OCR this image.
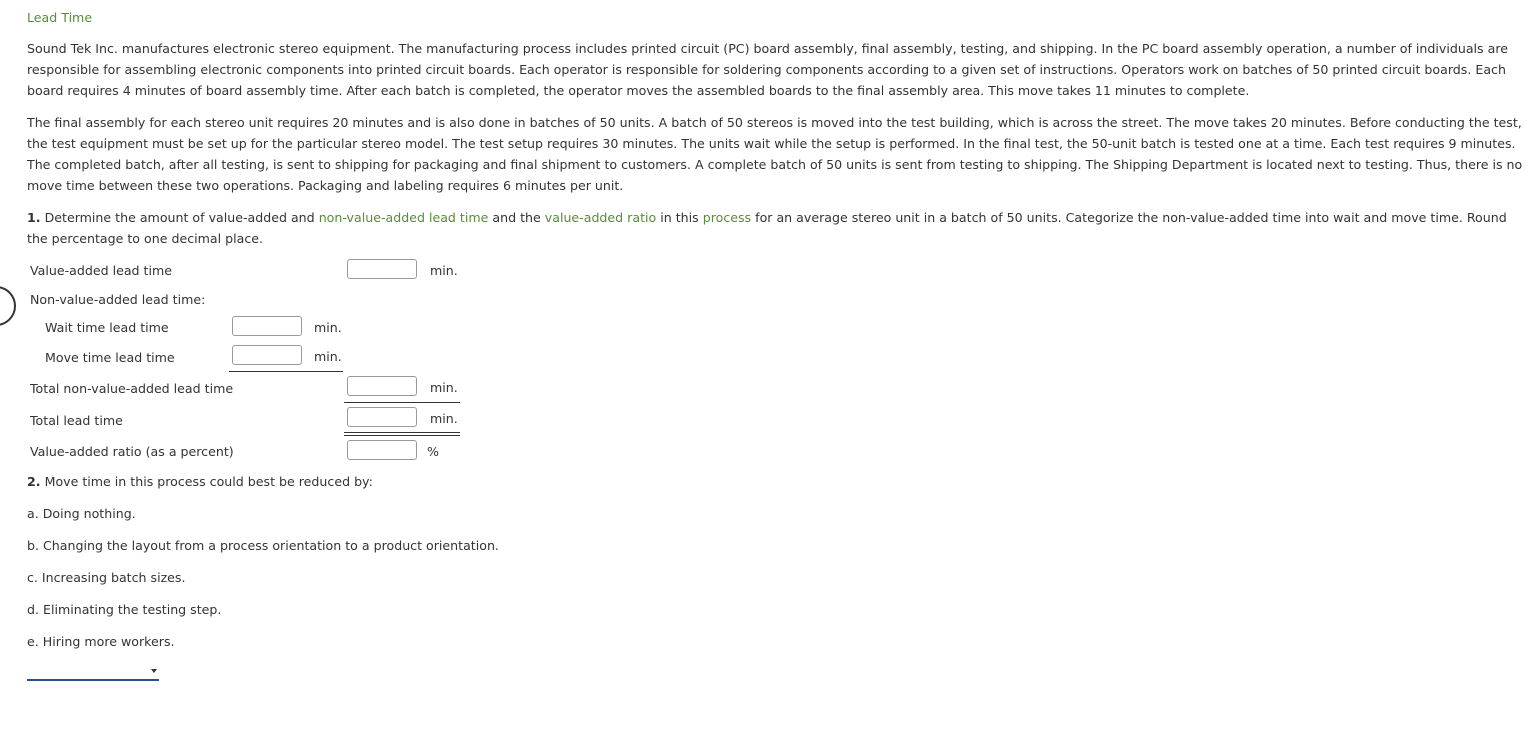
Lead Time
Sound Tek Inc. manufactures electronic stereo equipment. The manufacturing process includes printed circuit (PC) board assembly, final assembly, testing, and shipping. In the PC board assembly operation, a number of individuals are responsible for assembling electronic components into printed circuit boards. Each operator is responsible for soldering components according to a given set of instructions. Operators work on batches of 50 printed circuit boards. Each board requires 4 minutes of board assembly time. After each batch is completed, the operator moves the assembled boards to the final assembly area. This move takes 11 minutes to complete.
The final assembly for each stereo unit requires 20 minutes and is also done in batches of 50 units. A batch of 50 stereos is moved into the test building, which is across the street. The move takes 20 minutes. Before conducting the test, the test equipment must be set up for the particular stereo model. The test setup requires 30 minutes. The units wait while the setup is performed. In the final test, the 50-unit batch is tested one at a time. Each test requires 9 minutes. The completed batch, after all testing, is sent to shipping for packaging and final shipment to customers. A complete batch of 50 units is sent from testing to shipping. The Shipping Department is located next to testing. Thus, there is no move time between these two operations. Packaging and labeling requires 6 minutes per unit.
1. Determine the amount of value-added and non-value-added lead time and the value-added ratio in this process for an average stereo unit in a batch of 50 units. Categorize the non-value-added time into wait and move time. Round the percentage to one decimal place.
Value-added lead time	min.
Non-value-added lead time:
Wait time lead time	min.
Move time lead time	min.
Total non-value-added lead time	min.
Total lead time	min.
Value-added ratio (as a percent)	%
2. Move time in this process could best be reduced by:
a. Doing nothing.
b. Changing the layout from a process orientation to a product orientation.
c. Increasing batch sizes.
d. Eliminating the testing step.
e. Hiring more workers.
